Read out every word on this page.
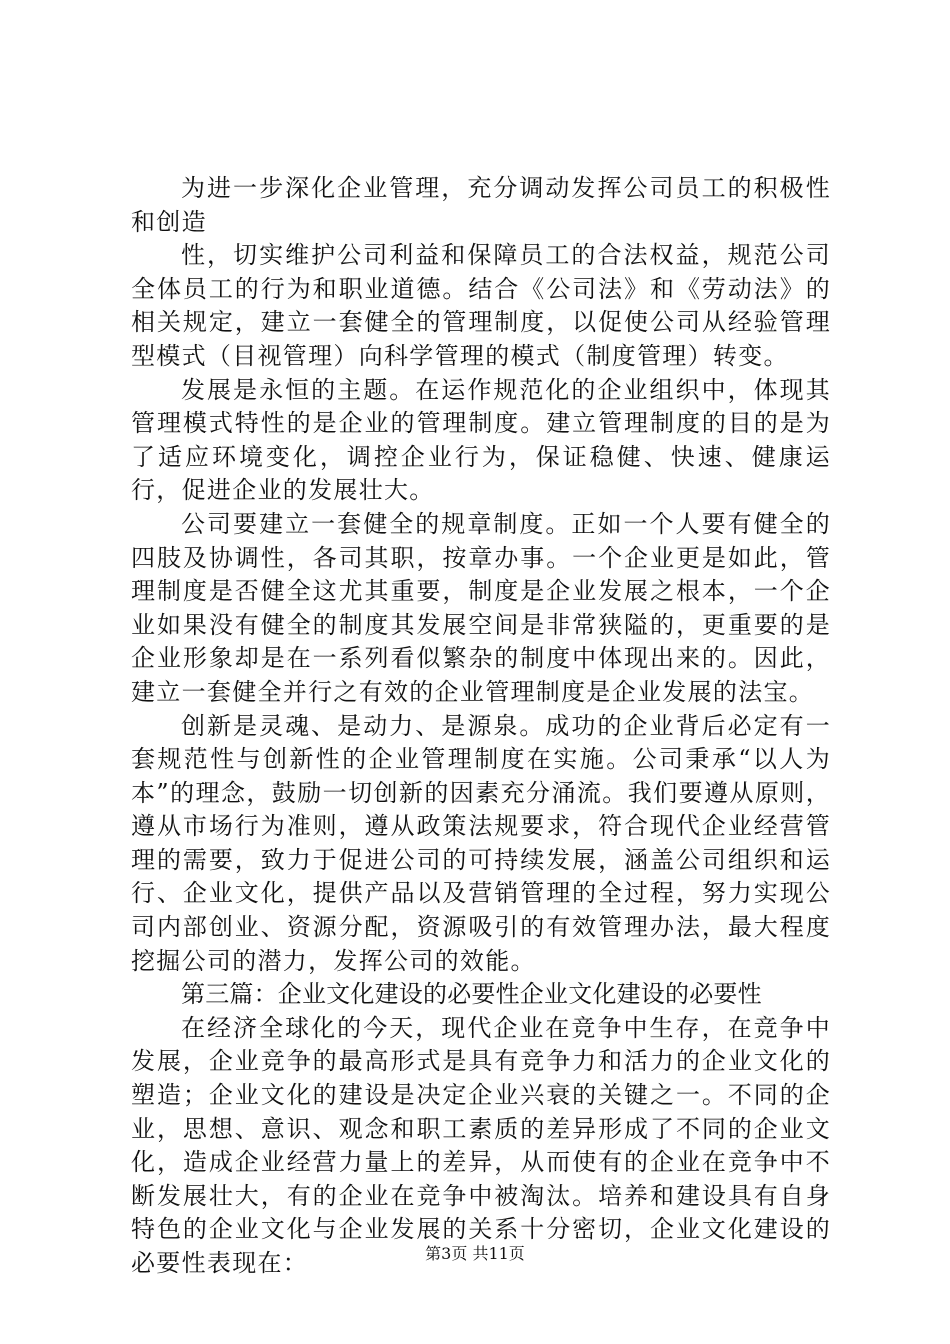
为进一步深化企业管理，充分调动发挥公司员工的积极性和创造

性，切实维护公司利益和保障员工的合法权益，规范公司全体员工的行为和职业道德。结合《公司法》和《劳动法》的相关规定，建立一套健全的管理制度，以促使公司从经验管理型模式（目视管理）向科学管理的模式（制度管理）转变。

发展是永恒的主题。在运作规范化的企业组织中，体现其管理模式特性的是企业的管理制度。建立管理制度的目的是为了适应环境变化，调控企业行为，保证稳健、快速、健康运行，促进企业的发展壮大。

公司要建立一套健全的规章制度。正如一个人要有健全的四肢及协调性，各司其职，按章办事。一个企业更是如此，管理制度是否健全这尤其重要，制度是企业发展之根本，一个企业如果没有健全的制度其发展空间是非常狭隘的，更重要的是企业形象却是在一系列看似繁杂的制度中体现出来的。因此，建立一套健全并行之有效的企业管理制度是企业发展的法宝。

创新是灵魂、是动力、是源泉。成功的企业背后必定有一套规范性与创新性的企业管理制度在实施。公司秉承“以人为本”的理念，鼓励一切创新的因素充分涌流。我们要遵从原则，遵从市场行为准则，遵从政策法规要求，符合现代企业经营管理的需要，致力于促进公司的可持续发展，涵盖公司组织和运行、企业文化，提供产品以及营销管理的全过程，努力实现公司内部创业、资源分配，资源吸引的有效管理办法，最大程度挖掘公司的潜力，发挥公司的效能。

第三篇：企业文化建设的必要性企业文化建设的必要性

在经济全球化的今天，现代企业在竞争中生存，在竞争中发展，企业竞争的最高形式是具有竞争力和活力的企业文化的塑造；企业文化的建设是决定企业兴衰的关键之一。不同的企业，思想、意识、观念和职工素质的差异形成了不同的企业文化，造成企业经营力量上的差异，从而使有的企业在竞争中不断发展壮大，有的企业在竞争中被淘汰。培养和建设具有自身特色的企业文化与企业发展的关系十分密切，企业文化建设的必要性表现在：	第3页 共11页
